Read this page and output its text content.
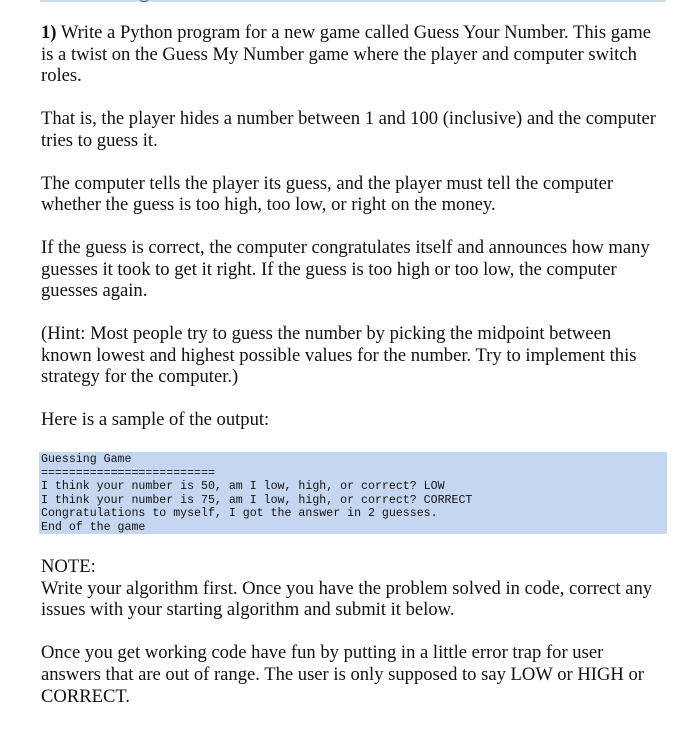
1) Write a Python program for a new game called Guess Your Number. This game is a twist on the Guess My Number game where the player and computer switch roles.

That is, the player hides a number between 1 and 100 (inclusive) and the computer tries to guess it.

The computer tells the player its guess, and the player must tell the computer whether the guess is too high, too low, or right on the money.

If the guess is correct, the computer congratulates itself and announces how many guesses it took to get it right. If the guess is too high or too low, the computer guesses again.

(Hint: Most people try to guess the number by picking the midpoint between known lowest and highest possible values for the number. Try to implement this strategy for the computer.)

Here is a sample of the output:

Guessing Game
=========================
I think your number is 50, am I low, high, or correct? LOW
I think your number is 75, am I low, high, or correct? CORRECT
Congratulations to myself, I got the answer in 2 guesses.
End of the game

NOTE:
Write your algorithm first. Once you have the problem solved in code, correct any issues with your starting algorithm and submit it below.

Once you get working code have fun by putting in a little error trap for user answers that are out of range. The user is only supposed to say LOW or HIGH or CORRECT.
